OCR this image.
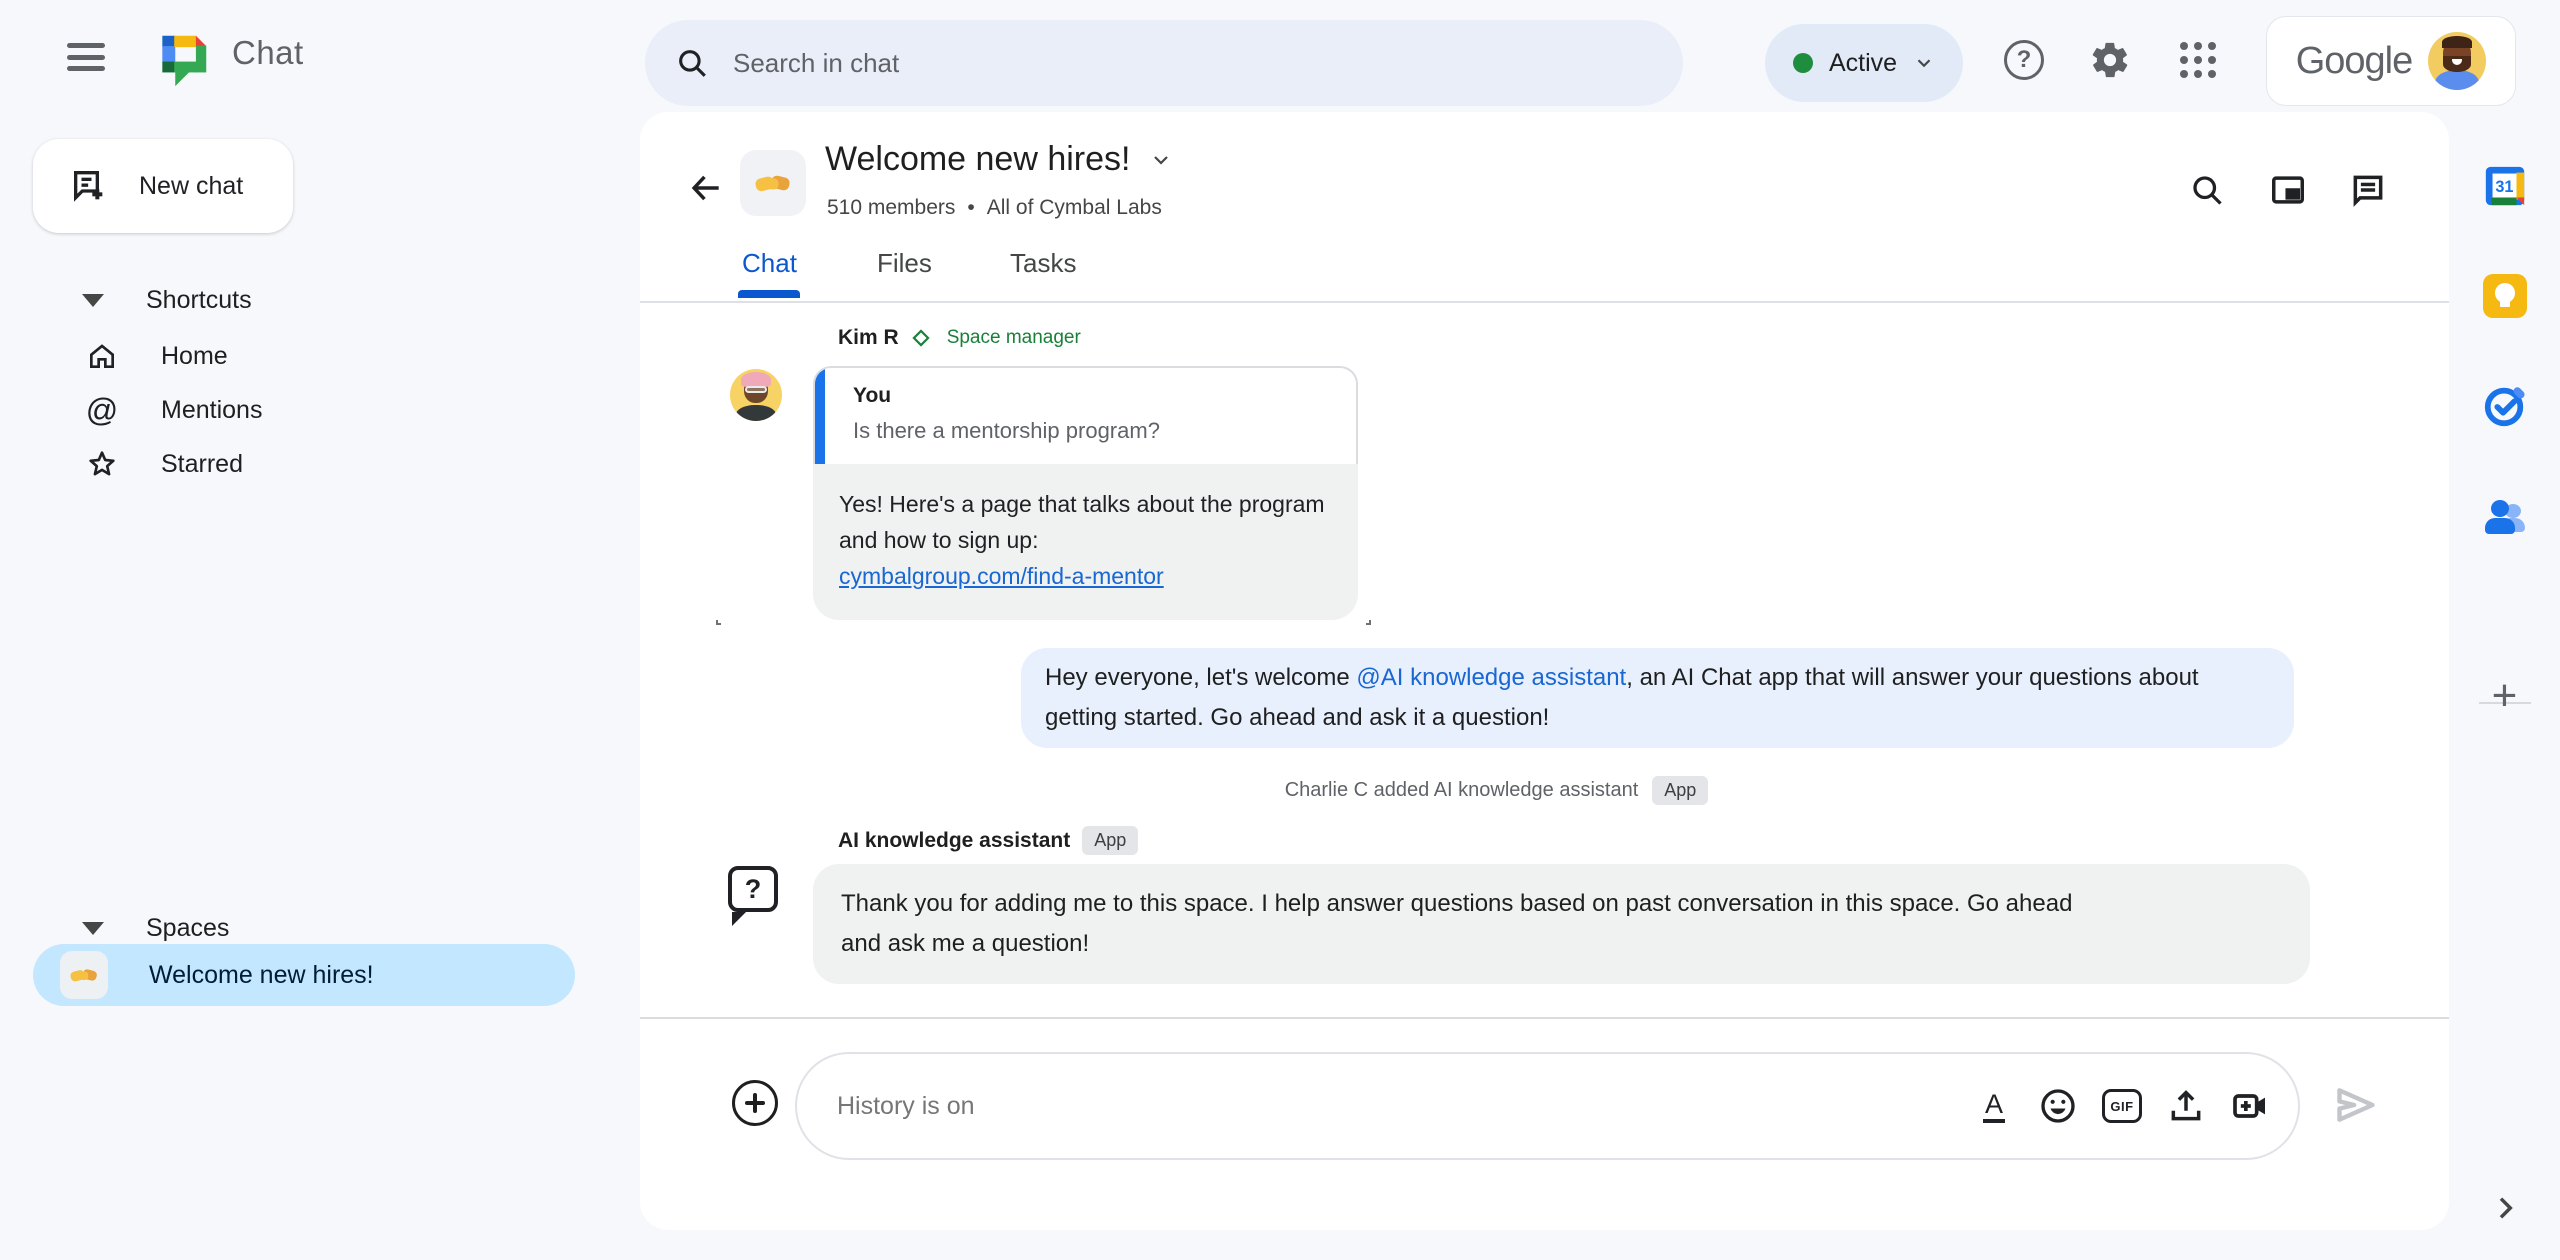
Chat
Search in chat	Active	?	Google
New chat
Shortcuts
Home
@ Mentions
Starred
Spaces
Welcome new hires!
Welcome new hires!
510 members • All of Cymbal Labs
Chat	Files	Tasks
Kim R	Space manager
You
Is there a mentorship program?
Yes! Here's a page that talks about the program and how to sign up:
cymbalgroup.com/find-a-mentor

Hey everyone, let's welcome @AI knowledge assistant, an AI Chat app that will answer your questions about getting started. Go ahead and ask it a question!

Charlie C added AI knowledge assistant	App
AI knowledge assistant	App
?	Thank you for adding me to this space. I help answer questions based on past conversation in this space. Go ahead and ask me a question!

History is on
A	GIF
31
+
